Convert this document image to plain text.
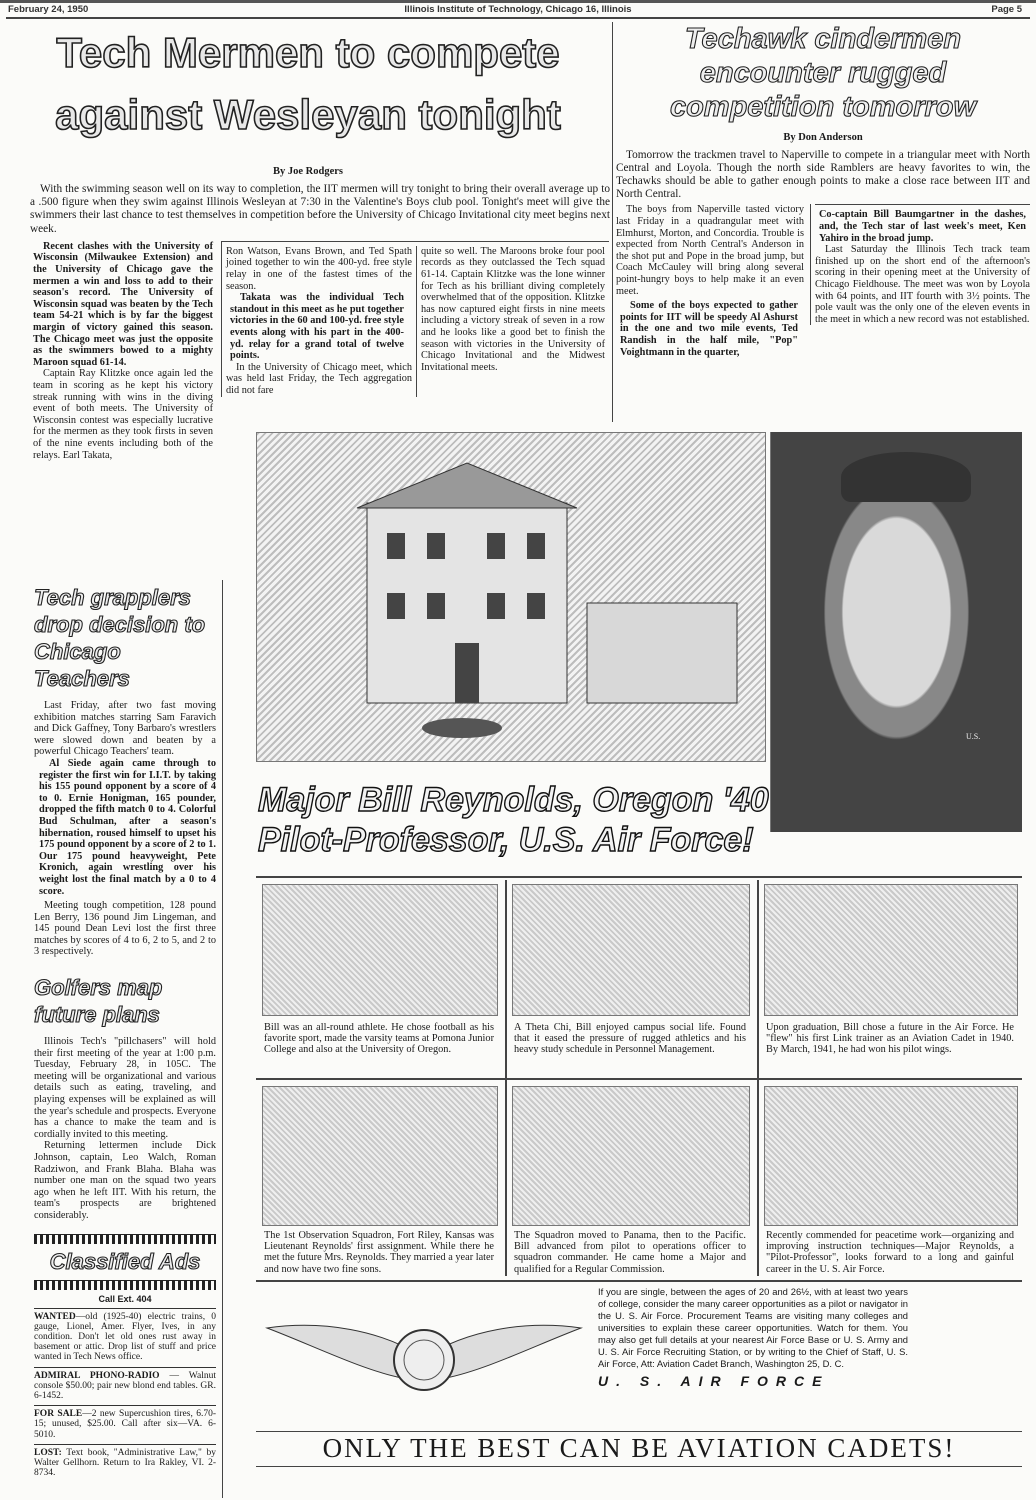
February 24, 1950	Illinois Institute of Technology, Chicago 16, Illinois	Page 5
Tech Mermen to compete against Wesleyan tonight
By Joe Rodgers

With the swimming season well on its way to completion, the IIT mermen will try tonight to bring their overall average up to a .500 figure when they swim against Illinois Wesleyan at 7:30 in the Valentine's Boys club pool. Tonight's meet will give the swimmers their last chance to test themselves in competition before the University of Chicago Invitational city meet begins next week.

Recent clashes with the University of Wisconsin (Milwaukee Extension) and the University of Chicago gave the mermen a win and loss to add to their season's record. The University of Wisconsin squad was beaten by the Tech team 54-21 which is by far the biggest margin of victory gained this season. The Chicago meet was just the opposite as the swimmers bowed to a mighty Maroon squad 61-14.

Captain Ray Klitzke once again led the team in scoring as he kept his victory streak running with wins in the diving event of both meets. The University of Wisconsin contest was especially lucrative for the mermen as they took firsts in seven of the nine events including both of the relays. Earl Takata,

Ron Watson, Evans Brown, and Ted Spath joined together to win the 400-yd. free style relay in one of the fastest times of the season.

Takata was the individual Tech standout in this meet as he put together victories in the 60 and 100-yd. free style events along with his part in the 400-yd. relay for a grand total of twelve points.

In the University of Chicago meet, which was held last Friday, the Tech aggregation did not fare

quite so well. The Maroons broke four pool records as they outclassed the Tech squad 61-14. Captain Klitzke was the lone winner for Tech as his brilliant diving completely overwhelmed that of the opposition. Klitzke has now captured eight firsts in nine meets including a victory streak of seven in a row and he looks like a good bet to finish the season with victories in the University of Chicago Invitational and the Midwest Invitational meets.

Techawk cindermen encounter rugged competition tomorrow
By Don Anderson

Tomorrow the trackmen travel to Naperville to compete in a triangular meet with North Central and Loyola. Though the north side Ramblers are heavy favorites to win, the Techawks should be able to gather enough points to make a close race between IIT and North Central.

The boys from Naperville tasted victory last Friday in a quadrangular meet with Elmhurst, Morton, and Concordia. Trouble is expected from North Central's Anderson in the shot put and Pope in the broad jump, but Coach McCauley will bring along several point-hungry boys to help make it an even meet.

Some of the boys expected to gather points for IIT will be speedy Al Ashurst in the one and two mile events, Ted Randish in the half mile, "Pop" Voightmann in the quarter,

Co-captain Bill Baumgartner in the dashes, and, the Tech star of last week's meet, Ken Yahiro in the broad jump.

Last Saturday the Illinois Tech track team finished up on the short end of the afternoon's scoring in their opening meet at the University of Chicago Fieldhouse. The meet was won by Loyola with 64 points, and IIT fourth with 3½ points. The pole vault was the only one of the eleven events in the meet in which a new record was not established.

U.S.
Major Bill Reynolds, Oregon '40
Pilot-Professor, U.S. Air Force!
Bill was an all-round athlete. He chose football as his favorite sport, made the varsity teams at Pomona Junior College and also at the University of Oregon.
A Theta Chi, Bill enjoyed campus social life. Found that it eased the pressure of rugged athletics and his heavy study schedule in Personnel Management.
Upon graduation, Bill chose a future in the Air Force. He "flew" his first Link trainer as an Aviation Cadet in 1940. By March, 1941, he had won his pilot wings.
The 1st Observation Squadron, Fort Riley, Kansas was Lieutenant Reynolds' first assignment. While there he met the future Mrs. Reynolds. They married a year later and now have two fine sons.
The Squadron moved to Panama, then to the Pacific. Bill advanced from pilot to operations officer to squadron commander. He came home a Major and qualified for a Regular Commission.
Recently commended for peacetime work—organizing and improving instruction techniques—Major Reynolds, a "Pilot-Professor", looks forward to a long and gainful career in the U. S. Air Force.
If you are single, between the ages of 20 and 26½, with at least two years of college, consider the many career opportunities as a pilot or navigator in the U. S. Air Force. Procurement Teams are visiting many colleges and universities to explain these career opportunities. Watch for them. You may also get full details at your nearest Air Force Base or U. S. Army and U. S. Air Force Recruiting Station, or by writing to the Chief of Staff, U. S. Air Force, Att: Aviation Cadet Branch, Washington 25, D. C.
U. S. AIR FORCE
ONLY THE BEST CAN BE AVIATION CADETS!
Tech grapplers drop decision to Chicago Teachers

Last Friday, after two fast moving exhibition matches starring Sam Faravich and Dick Gaffney, Tony Barbaro's wrestlers were slowed down and beaten by a powerful Chicago Teachers' team.

Al Siede again came through to register the first win for I.I.T. by taking his 155 pound opponent by a score of 4 to 0. Ernie Honigman, 165 pounder, dropped the fifth match 0 to 4. Colorful Bud Schulman, after a season's hibernation, roused himself to upset his 175 pound opponent by a score of 2 to 1. Our 175 pound heavyweight, Pete Kronich, again wrestling over his weight lost the final match by a 0 to 4 score.

Meeting tough competition, 128 pound Len Berry, 136 pound Jim Lingeman, and 145 pound Dean Levi lost the first three matches by scores of 4 to 6, 2 to 5, and 2 to 3 respectively.

Golfers map future plans

Illinois Tech's "pillchasers" will hold their first meeting of the year at 1:00 p.m. Tuesday, February 28, in 105C. The meeting will be organizational and various details such as eating, traveling, and playing expenses will be explained as will the year's schedule and prospects. Everyone has a chance to make the team and is cordially invited to this meeting.

Returning lettermen include Dick Johnson, captain, Leo Walch, Roman Radziwon, and Frank Blaha. Blaha was number one man on the squad two years ago when he left IIT. With his return, the team's prospects are brightened considerably.

Classified Ads
Call Ext. 404
WANTED—old (1925-40) electric trains, 0 gauge, Lionel, Amer. Flyer, Ives, in any condition. Don't let old ones rust away in basement or attic. Drop list of stuff and price wanted in Tech News office.
ADMIRAL PHONO-RADIO — Walnut console $50.00; pair new blond end tables. GR. 6-1452.
FOR SALE—2 new Supercushion tires, 6.70-15; unused, $25.00. Call after six—VA. 6-5010.
LOST: Text book, "Administrative Law," by Walter Gellhorn. Return to Ira Rakley, VI. 2-8734.
